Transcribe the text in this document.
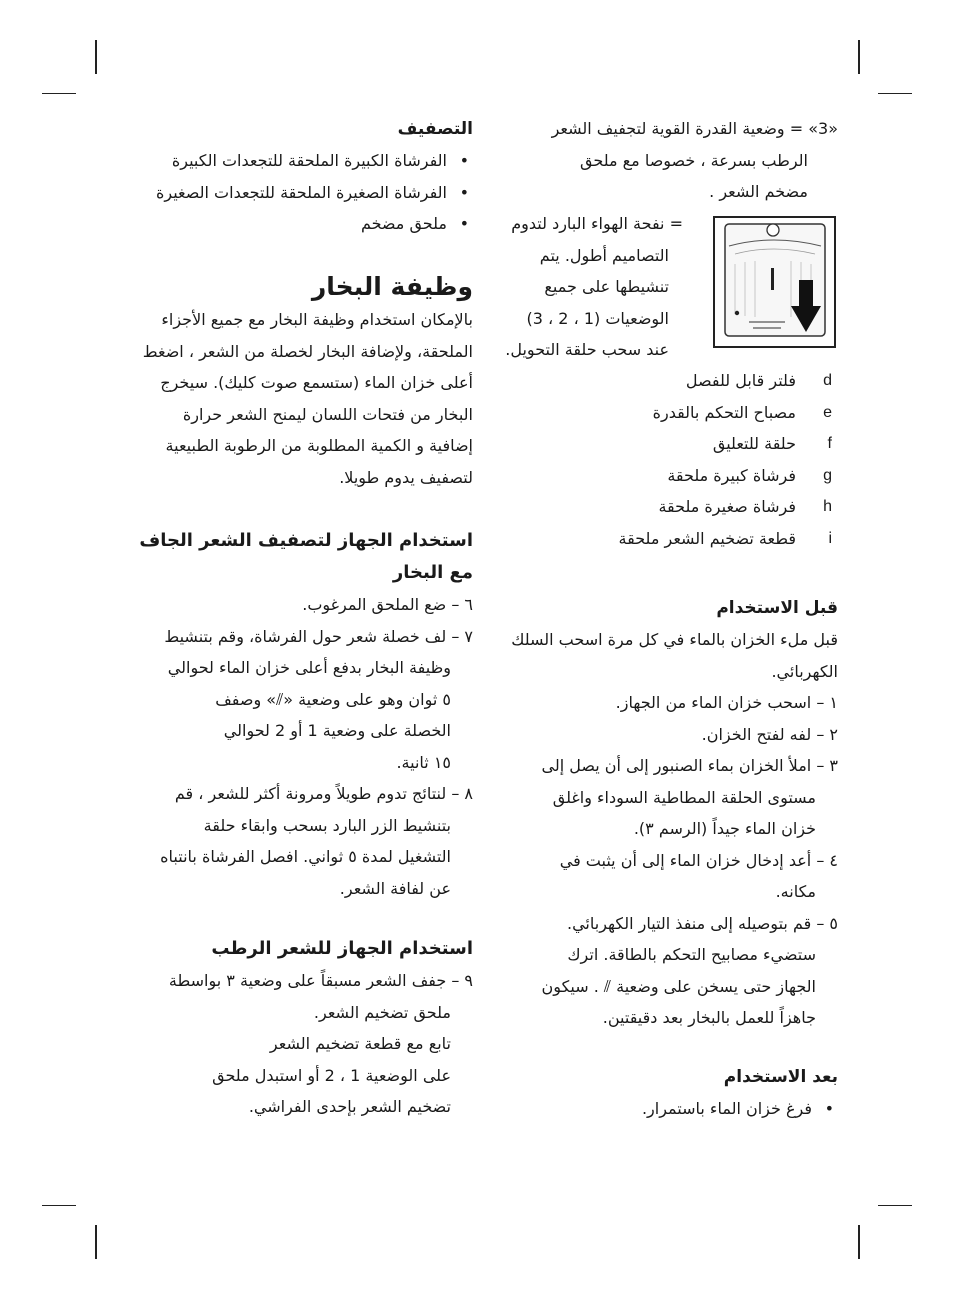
«3» = وضعية القدرة القوية لتجفيف الشعر

الرطب بسرعة ، خصوصا مع ملحق

مضخم الشعر .

= نفحة الهواء البارد لتدوم

التصاميم أطول. يتم

تنشيطها على جميع

الوضعيات (1 ، 2 ، 3)

عند سحب حلقة التحويل.

d
فلتر قابل للفصل
e
مصباح التحكم بالقدرة
f
حلقة للتعليق
g
فرشاة كبيرة ملحقة
h
فرشاة صغيرة ملحقة
i
قطعة تضخيم الشعر ملحقة

قبل الاستخدام

قبل ملء الخزان بالماء في كل مرة اسحب السلك

الكهربائي.

١ – اسحب خزان الماء من الجهاز.

٢ – لفه لفتح الخزان.

٣ – املأ الخزان بماء الصنبور إلى أن يصل إلى

مستوى الحلقة المطاطية السوداء واغلق

خزان الماء جيداً (الرسم ٣).

٤ – أعد إدخال خزان الماء إلى أن يثبت في

مكانه.

٥ – قم بتوصيله إلى منفذ التيار الكهربائي.

ستضيء مصابيح التحكم بالطاقة. اترك

الجهاز حتى يسخن على وضعية ⫽ . سيكون

جاهزاً للعمل بالبخار بعد دقيقتين.

بعد الاستخدام

• فرغ خزان الماء باستمرار.

التصفيف

• الفرشاة الكبيرة الملحقة للتجعدات الكبيرة

• الفرشاة الصغيرة الملحقة للتجعدات الصغيرة

• ملحق مضخم

وظيفة البخار

بالإمكان استخدام وظيفة البخار مع جميع الأجزاء

الملحقة، ولإضافة البخار لخصلة من الشعر ، اضغط

أعلى خزان الماء (ستسمع صوت كليك). سيخرج

البخار من فتحات اللسان ليمنح الشعر حرارة

إضافية و الكمية المطلوبة من الرطوبة الطبيعية

لتصفيف يدوم طويلا.

استخدام الجهاز لتصفيف الشعر الجاف

مع البخار

٦ – ضع الملحق المرغوب.

٧ – لف خصلة شعر حول الفرشاة، وقم بتنشيط

وظيفة البخار بدفع أعلى خزان الماء لحوالي

٥ ثوان وهو على وضعية «⫽» وصفف

الخصلة على وضعية 1 أو 2 لحوالي

١٥ ثانية.

٨ – لنتائج تدوم طويلاً ومرونة أكثر للشعر ، قم

بتنشيط الزر البارد بسحب وابقاء حلقة

التشغيل لمدة ٥ ثواني. افصل الفرشاة بانتباه

عن لفافة الشعر.

استخدام الجهاز للشعر الرطب

٩ – جفف الشعر مسبقاً على وضعية ٣ بواسطة

ملحق تضخيم الشعر.

تابع مع قطعة تضخيم الشعر

على الوضعية 1 ، 2 أو استبدل ملحق

تضخيم الشعر بإحدى الفراشي.
